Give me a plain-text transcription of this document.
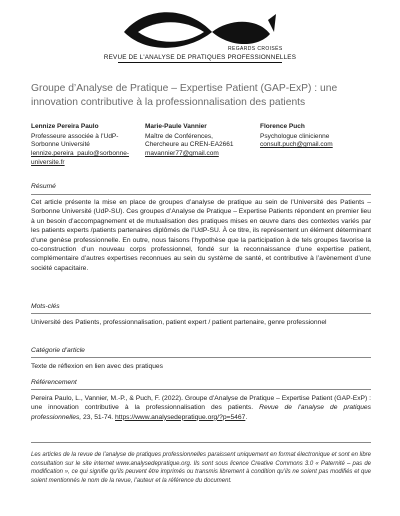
REGARDS CROISÉS
REVUE DE L'ANALYSE DE PRATIQUES PROFESSIONNELLES
Groupe d’Analyse de Pratique – Expertise Patient (GAP-ExP) : une innovation contributive à la professionnalisation des patients
Lennize Pereira Paulo
Professeure associée à l’UdP-Sorbonne Université
lennize.pereira_paulo@sorbonne-universite.fr
Marie-Paule Vannier
Maître de Conférences, Chercheure au CREN-EA2661
mavannier77@gmail.com
Florence Puch
Psychologue clinicienne
consult.puch@gmail.com
Résumé
Cet article présente la mise en place de groupes d’analyse de pratique au sein de l’Université des Patients – Sorbonne Université (UdP-SU). Ces groupes d’Analyse de Pratique – Expertise Patients répondent en premier lieu à un besoin d’accompagnement et de mutualisation des pratiques mises en œuvre dans des contextes variés par les patients experts /patients partenaires diplômés de l’UdP-SU. À ce titre, ils représentent un élément déterminant d’une genèse professionnelle. En outre, nous faisons l’hypothèse que la participation à de tels groupes favorise la co-construction d’un nouveau corps professionnel, fondé sur la reconnaissance d’une expertise patient, complémentaire d’autres expertises reconnues au sein du système de santé, et contributive à l’avènement d’une société capacitaire.
Mots-clés
Université des Patients, professionnalisation, patient expert / patient partenaire, genre professionnel
Catégorie d’article
Texte de réflexion en lien avec des pratiques
Référencement
Pereira Paulo, L., Vannier, M.-P., & Puch, F. (2022). Groupe d’Analyse de Pratique – Expertise Patient (GAP-ExP) : une innovation contributive à la professionnalisation des patients. Revue de l’analyse de pratiques professionnelles, 23, 51-74. https://www.analysedepratique.org/?p=5467.
Les articles de la revue de l’analyse de pratiques professionnelles paraissent uniquement en format électronique et sont en libre consultation sur le site internet www.analysedepratique.org. Ils sont sous licence Creative Commons 3.0 « Paternité – pas de modification », ce qui signifie qu’ils peuvent être imprimés ou transmis librement à condition qu’ils ne soient pas modifiés et que soient mentionnés le nom de la revue, l’auteur et la référence du document.
